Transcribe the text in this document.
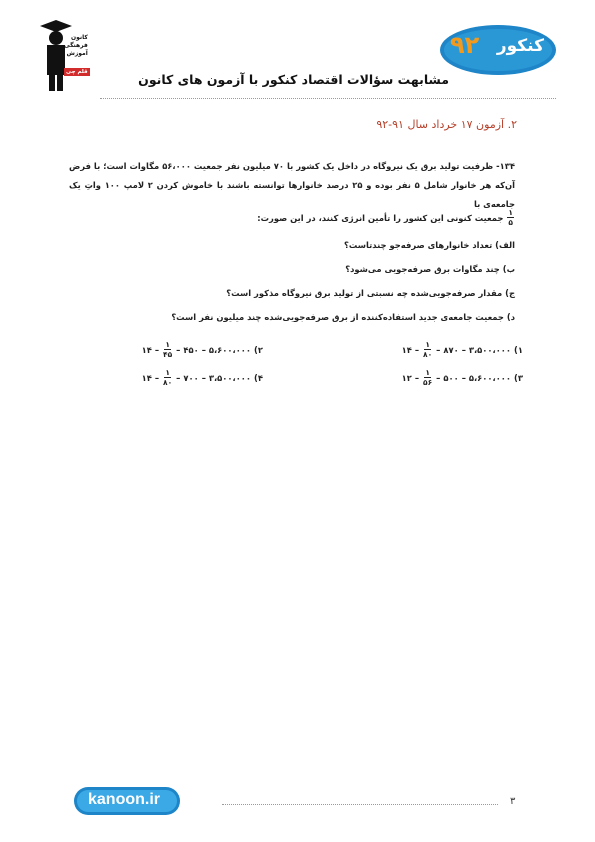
کانون
فرهنگی
آموزش
قلم چی
کنکور
۹۲
مشابهت سؤالات اقتصاد کنکور با آزمون های کانون
۲. آزمون ۱۷ خرداد سال ۹۱-۹۲
۱۳۴- ظرفیت تولید برق یک نیروگاه در داخل یک کشور با ۷۰ میلیون نفر جمعیت ۵۶،۰۰۰ مگاوات است؛ با فرض آن‌که هر خانوار شامل ۵ نفر بوده و ۲۵ درصد خانوارها توانسته باشند با خاموش کردن ۲ لامپ ۱۰۰ واتِ یک جامعه‌ی با
$\frac{۱}{۵}$
جمعیت کنونی این کشور را تأمین انرژی کنند، در این صورت:
الف) تعداد خانوارهای صرفه‌جو چندتاست؟
ب) چند مگاوات برق صرفه‌جویی می‌شود؟
ج) مقدار صرفه‌جویی‌شده چه نسبتی از تولید برق نیروگاه مذکور است؟
د) جمعیت جامعه‌ی جدید استفاده‌کننده از برق صرفه‌جویی‌شده چند میلیون نفر است؟
۱)
۳،۵۰۰،۰۰۰
–
۸۷۰
–
$\frac{۱}{۸۰}$
–
۱۴
۲)
۵،۶۰۰،۰۰۰
–
۴۵۰
–
$\frac{۱}{۴۵}$
–
۱۴
۳)
۵،۶۰۰،۰۰۰
–
۵۰۰
–
$\frac{۱}{۵۶}$
–
۱۲
۴)
۳،۵۰۰،۰۰۰
–
۷۰۰
–
$\frac{۱}{۸۰}$
–
۱۴
kanoon.ir	۳
